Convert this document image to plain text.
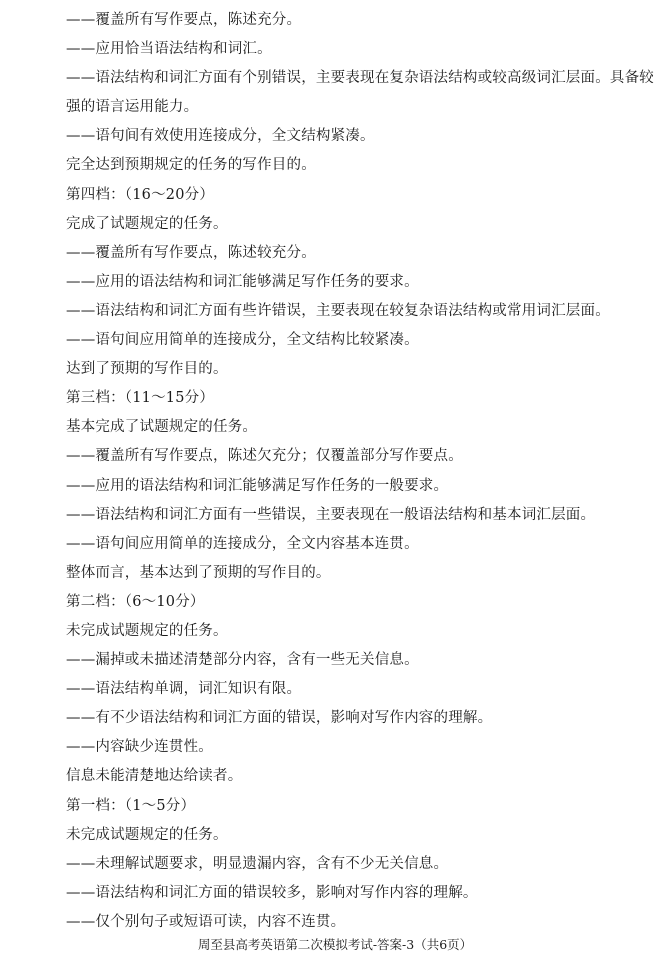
——覆盖所有写作要点，陈述充分。
——应用恰当语法结构和词汇。
——语法结构和词汇方面有个别错误，主要表现在复杂语法结构或较高级词汇层面。具备较强的语言运用能力。
——语句间有效使用连接成分，全文结构紧凑。
完全达到预期规定的任务的写作目的。
第四档：（16～20分）
完成了试题规定的任务。
——覆盖所有写作要点，陈述较充分。
——应用的语法结构和词汇能够满足写作任务的要求。
——语法结构和词汇方面有些许错误，主要表现在较复杂语法结构或常用词汇层面。
——语句间应用简单的连接成分，全文结构比较紧凑。
达到了预期的写作目的。
第三档：（11～15分）
基本完成了试题规定的任务。
——覆盖所有写作要点，陈述欠充分；仅覆盖部分写作要点。
——应用的语法结构和词汇能够满足写作任务的一般要求。
——语法结构和词汇方面有一些错误，主要表现在一般语法结构和基本词汇层面。
——语句间应用简单的连接成分，全文内容基本连贯。
整体而言，基本达到了预期的写作目的。
第二档：（6～10分）
未完成试题规定的任务。
——漏掉或未描述清楚部分内容，含有一些无关信息。
——语法结构单调，词汇知识有限。
——有不少语法结构和词汇方面的错误，影响对写作内容的理解。
——内容缺少连贯性。
信息未能清楚地达给读者。
第一档：（1～5分）
未完成试题规定的任务。
——未理解试题要求，明显遗漏内容，含有不少无关信息。
——语法结构和词汇方面的错误较多，影响对写作内容的理解。
——仅个别句子或短语可读，内容不连贯。
周至县高考英语第二次模拟考试-答案-3（共6页）
